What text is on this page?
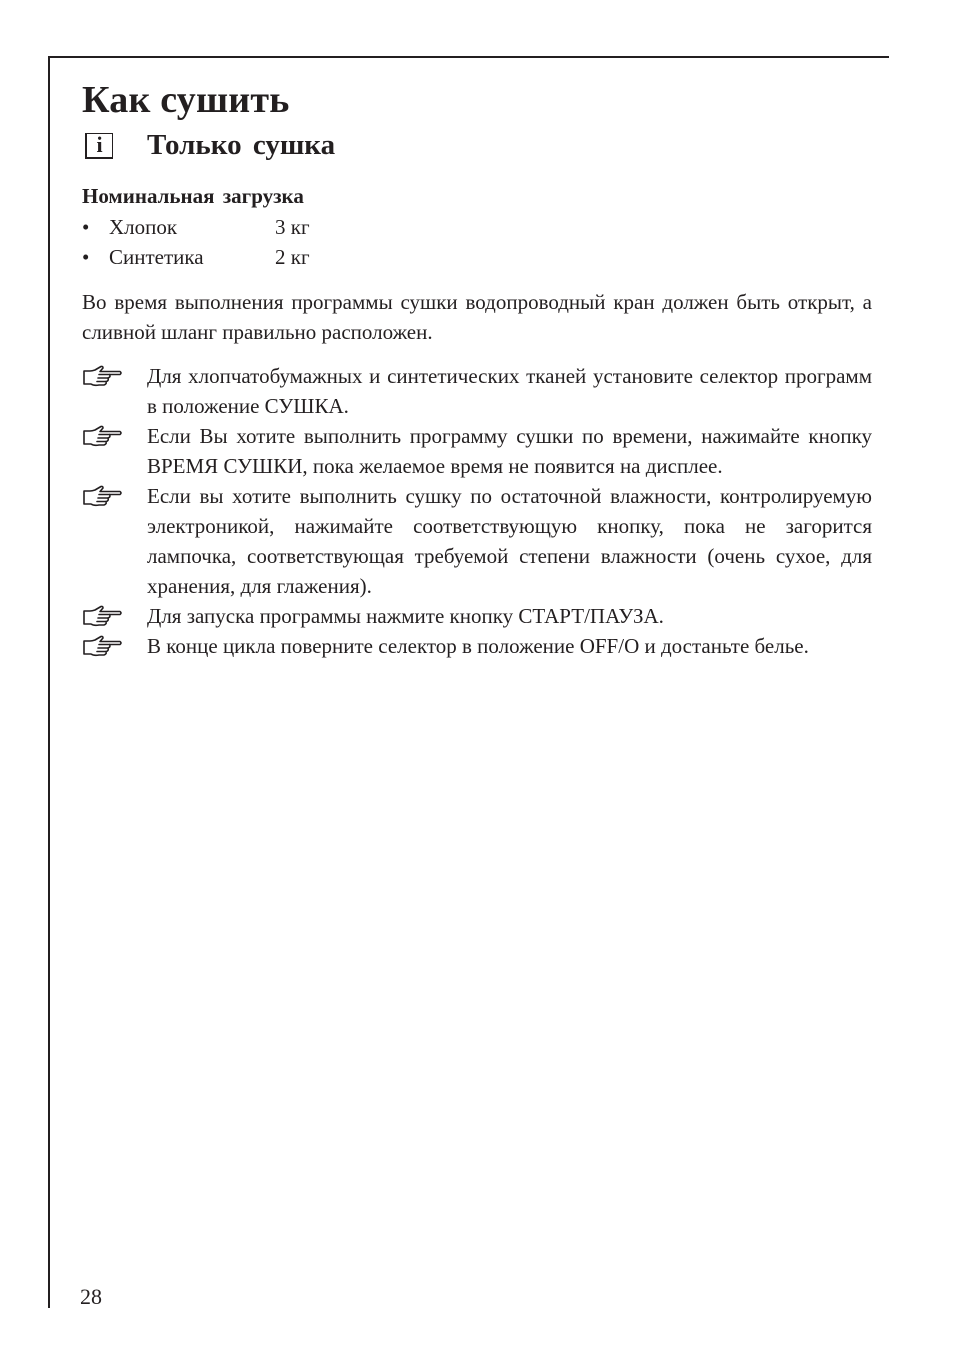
Как сушить
i	Только сушка
Номинальная загрузка
• Хлопок	3 кг
• Синтетика	2 кг

Во время выполнения программы сушки водопроводный кран должен быть открыт, а сливной шланг правильно расположен.

Для хлопчатобумажных и синтетических тканей установите селектор программ в положение СУШКА.
Если Вы хотите выполнить программу сушки по времени, нажимайте кнопку ВРЕМЯ СУШКИ, пока желаемое время не появится на дисплее.
Если вы хотите выполнить сушку по остаточной влажности, контролируемую электроникой, нажимайте соответствующую кнопку, пока не загорится лампочка, соответствующая требуемой степени влажности (очень сухое, для хранения, для глажения).
Для запуска программы нажмите кнопку СТАРТ/ПАУЗА.
В конце цикла поверните селектор в положение OFF/O и достаньте белье.

28
